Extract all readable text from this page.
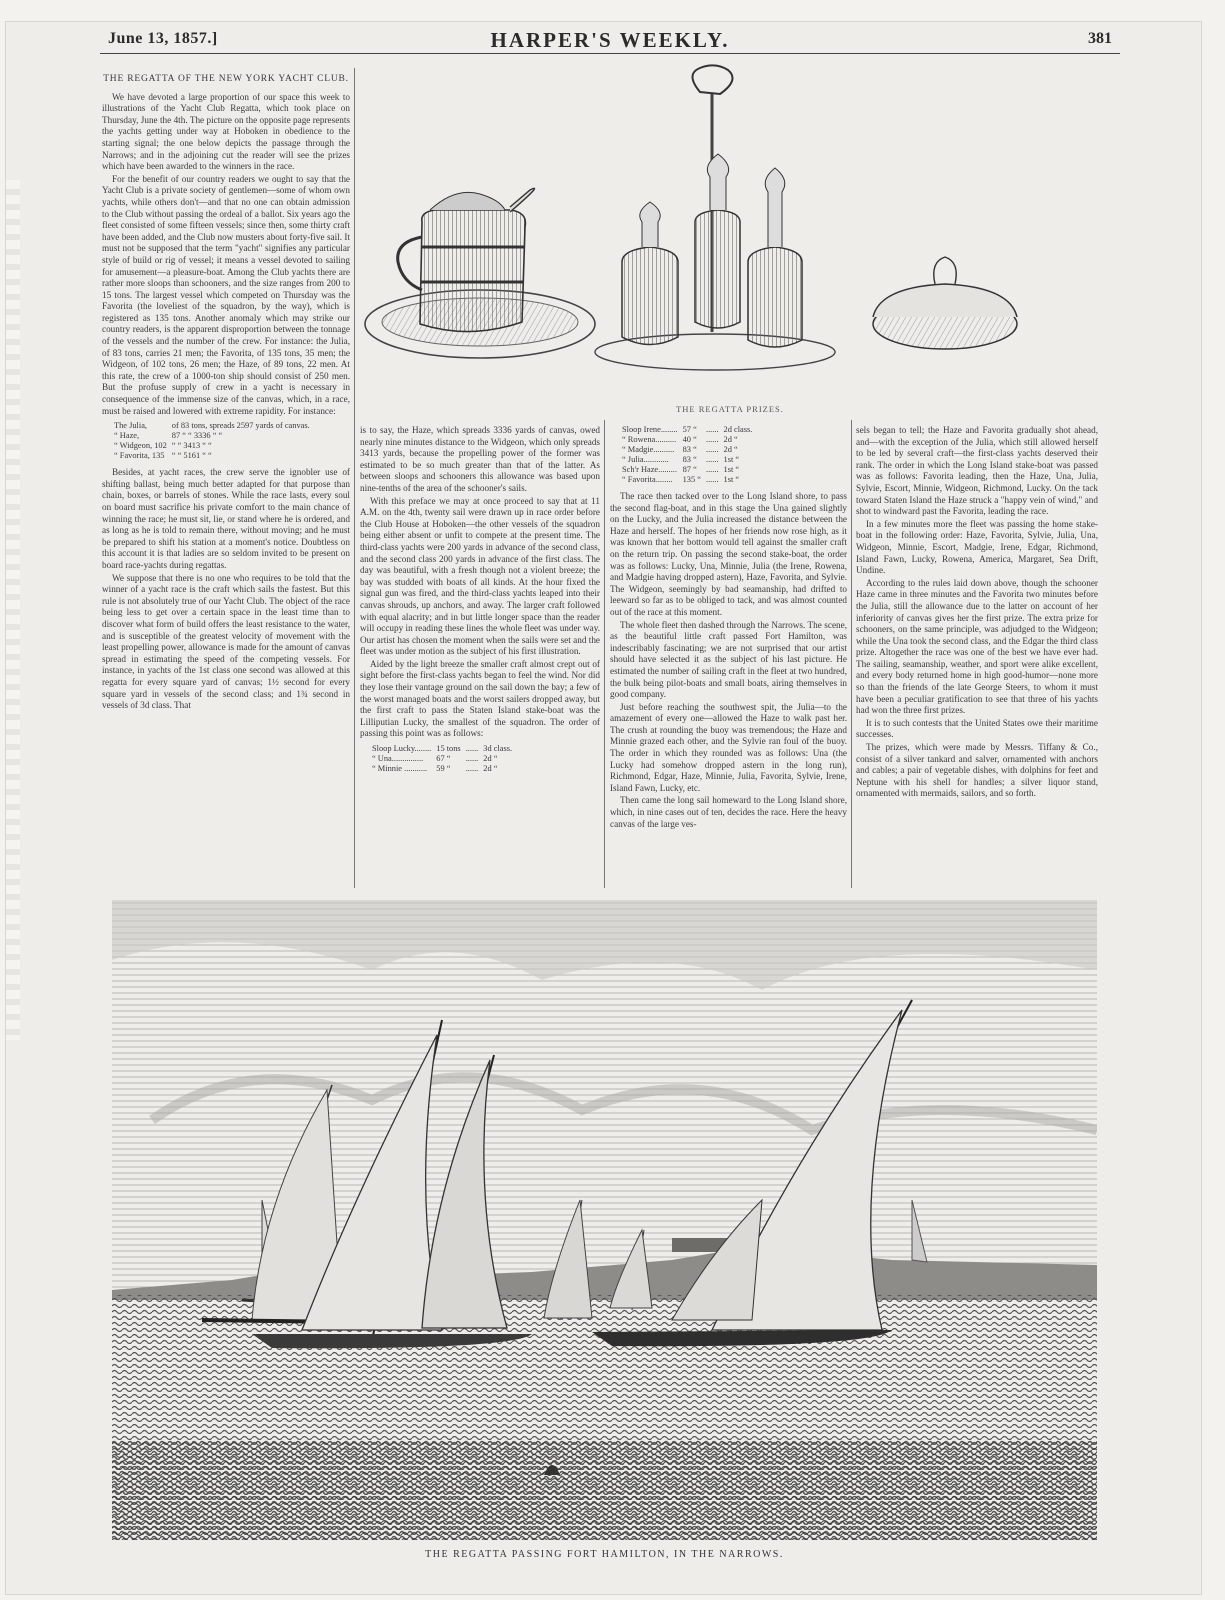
June 13, 1857.]	HARPER'S WEEKLY.	381
THE REGATTA OF THE NEW YORK YACHT CLUB.

We have devoted a large proportion of our space this week to illustrations of the Yacht Club Regatta, which took place on Thursday, June the 4th. The picture on the opposite page represents the yachts getting under way at Hoboken in obedience to the starting signal; the one below depicts the passage through the Narrows; and in the adjoining cut the reader will see the prizes which have been awarded to the winners in the race.

For the benefit of our country readers we ought to say that the Yacht Club is a private society of gentlemen—some of whom own yachts, while others don't—and that no one can obtain admission to the Club without passing the ordeal of a ballot. Six years ago the fleet consisted of some fifteen vessels; since then, some thirty craft have been added, and the Club now musters about forty-five sail. It must not be supposed that the term "yacht" signifies any particular style of build or rig of vessel; it means a vessel devoted to sailing for amusement—a pleasure-boat. Among the Club yachts there are rather more sloops than schooners, and the size ranges from 200 to 15 tons. The largest vessel which competed on Thursday was the Favorita (the loveliest of the squadron, by the way), which is registered as 135 tons. Another anomaly which may strike our country readers, is the apparent disproportion between the tonnage of the vessels and the number of the crew. For instance: the Julia, of 83 tons, carries 21 men; the Favorita, of 135 tons, 35 men; the Widgeon, of 102 tons, 26 men; the Haze, of 89 tons, 22 men. At this rate, the crew of a 1000-ton ship should consist of 250 men. But the profuse supply of crew in a yacht is necessary in consequence of the immense size of the canvas, which, in a race, must be raised and lowered with extreme rapidity. For instance:

The Julia,	of 83 tons, spreads 2597 yards of canvas.
“ Haze,	87 “ “ 3336 “ “
“ Widgeon, 102	“ “ 3413 “ “
“ Favorita, 135	“ “ 5161 “ “

Besides, at yacht races, the crew serve the ignobler use of shifting ballast, being much better adapted for that purpose than chain, boxes, or barrels of stones. While the race lasts, every soul on board must sacrifice his private comfort to the main chance of winning the race; he must sit, lie, or stand where he is ordered, and as long as he is told to remain there, without moving; and he must be prepared to shift his station at a moment's notice. Doubtless on this account it is that ladies are so seldom invited to be present on board race-yachts during regattas.

We suppose that there is no one who requires to be told that the winner of a yacht race is the craft which sails the fastest. But this rule is not absolutely true of our Yacht Club. The object of the race being less to get over a certain space in the least time than to discover what form of build offers the least resistance to the water, and is susceptible of the greatest velocity of movement with the least propelling power, allowance is made for the amount of canvas spread in estimating the speed of the competing vessels. For instance, in yachts of the 1st class one second was allowed at this regatta for every square yard of canvas; 1½ second for every square yard in vessels of the second class; and 1¾ second in vessels of 3d class. That

THE REGATTA PRIZES.

is to say, the Haze, which spreads 3336 yards of canvas, owed nearly nine minutes distance to the Widgeon, which only spreads 3413 yards, because the propelling power of the former was estimated to be so much greater than that of the latter. As between sloops and schooners this allowance was based upon nine-tenths of the area of the schooner's sails.

With this preface we may at once proceed to say that at 11 A.M. on the 4th, twenty sail were drawn up in race order before the Club House at Hoboken—the other vessels of the squadron being either absent or unfit to compete at the present time. The third-class yachts were 200 yards in advance of the second class, and the second class 200 yards in advance of the first class. The day was beautiful, with a fresh though not a violent breeze; the bay was studded with boats of all kinds. At the hour fixed the signal gun was fired, and the third-class yachts leaped into their canvas shrouds, up anchors, and away. The larger craft followed with equal alacrity; and in but little longer space than the reader will occupy in reading these lines the whole fleet was under way. Our artist has chosen the moment when the sails were set and the fleet was under motion as the subject of his first illustration.

Aided by the light breeze the smaller craft almost crept out of sight before the first-class yachts began to feel the wind. Nor did they lose their vantage ground on the sail down the bay; a few of the worst managed boats and the worst sailers dropped away, but the first craft to pass the Staten Island stake-boat was the Lilliputian Lucky, the smallest of the squadron. The order of passing this point was as follows:

Sloop Lucky........	15 tons	......	3d class.
“ Una...............	67 “	......	2d “
“ Minnie ...........	59 “	......	2d “
Sloop Irene........	57 “	......	2d class.
“ Rowena..........	40 “	......	2d “
“ Madgie..........	83 “	......	2d “
“ Julia............	83 “	......	1st “
Sch'r Haze.........	87 “	......	1st “
“ Favorita........	135 “	......	1st “

The race then tacked over to the Long Island shore, to pass the second flag-boat, and in this stage the Una gained slightly on the Lucky, and the Julia increased the distance between the Haze and herself. The hopes of her friends now rose high, as it was known that her bottom would tell against the smaller craft on the return trip. On passing the second stake-boat, the order was as follows: Lucky, Una, Minnie, Julia (the Irene, Rowena, and Madgie having dropped astern), Haze, Favorita, and Sylvie. The Widgeon, seemingly by bad seamanship, had drifted to leeward so far as to be obliged to tack, and was almost counted out of the race at this moment.

The whole fleet then dashed through the Narrows. The scene, as the beautiful little craft passed Fort Hamilton, was indescribably fascinating; we are not surprised that our artist should have selected it as the subject of his last picture. He estimated the number of sailing craft in the fleet at two hundred, the bulk being pilot-boats and small boats, airing themselves in good company.

Just before reaching the southwest spit, the Julia—to the amazement of every one—allowed the Haze to walk past her. The crush at rounding the buoy was tremendous; the Haze and Minnie grazed each other, and the Sylvie ran foul of the buoy. The order in which they rounded was as follows: Una (the Lucky had somehow dropped astern in the long run), Richmond, Edgar, Haze, Minnie, Julia, Favorita, Sylvie, Irene, Island Fawn, Lucky, etc.

Then came the long sail homeward to the Long Island shore, which, in nine cases out of ten, decides the race. Here the heavy canvas of the large ves-

sels began to tell; the Haze and Favorita gradually shot ahead, and—with the exception of the Julia, which still allowed herself to be led by several craft—the first-class yachts deserved their rank. The order in which the Long Island stake-boat was passed was as follows: Favorita leading, then the Haze, Una, Julia, Sylvie, Escort, Minnie, Widgeon, Richmond, Lucky. On the tack toward Staten Island the Haze struck a "happy vein of wind," and shot to windward past the Favorita, leading the race.

In a few minutes more the fleet was passing the home stake-boat in the following order: Haze, Favorita, Sylvie, Julia, Una, Widgeon, Minnie, Escort, Madgie, Irene, Edgar, Richmond, Island Fawn, Lucky, Rowena, America, Margaret, Sea Drift, Undine.

According to the rules laid down above, though the schooner Haze came in three minutes and the Favorita two minutes before the Julia, still the allowance due to the latter on account of her inferiority of canvas gives her the first prize. The extra prize for schooners, on the same principle, was adjudged to the Widgeon; while the Una took the second class, and the Edgar the third class prize. Altogether the race was one of the best we have ever had. The sailing, seamanship, weather, and sport were alike excellent, and every body returned home in high good-humor—none more so than the friends of the late George Steers, to whom it must have been a peculiar gratification to see that three of his yachts had won the three first prizes.

It is to such contests that the United States owe their maritime successes.

The prizes, which were made by Messrs. Tiffany & Co., consist of a silver tankard and salver, ornamented with anchors and cables; a pair of vegetable dishes, with dolphins for feet and Neptune with his shell for handles; a silver liquor stand, ornamented with mermaids, sailors, and so forth.

THE REGATTA PASSING FORT HAMILTON, IN THE NARROWS.
